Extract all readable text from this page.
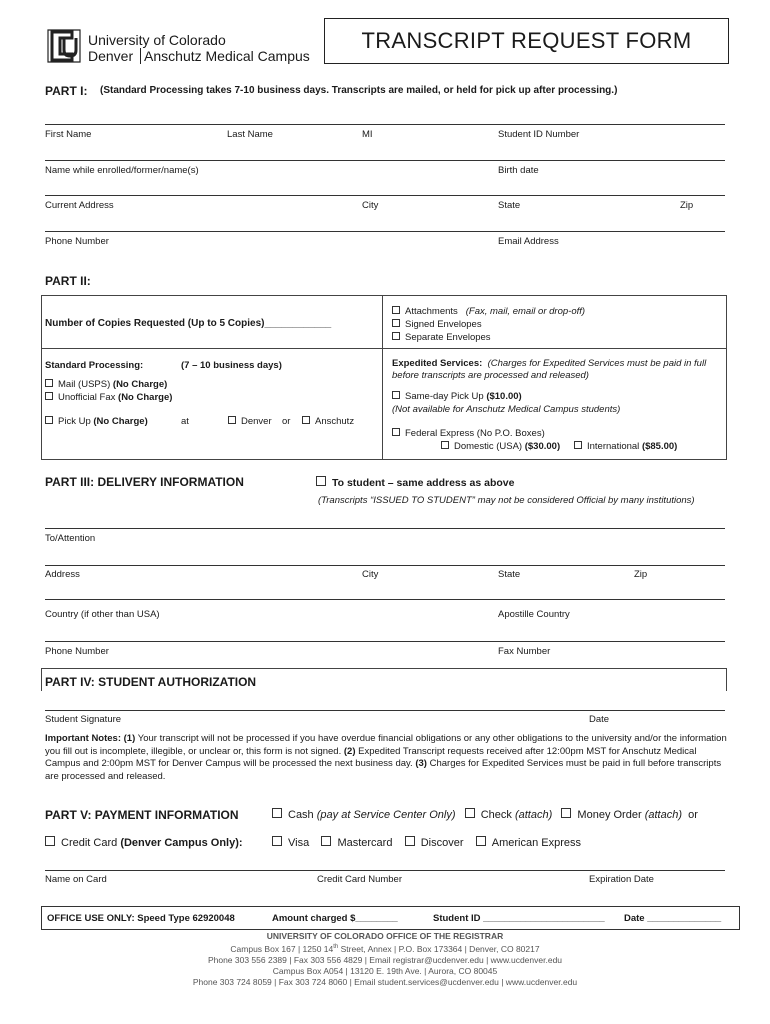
University of Colorado
Denver Anschutz Medical Campus
TRANSCRIPT REQUEST FORM
PART I: (Standard Processing takes 7-10 business days. Transcripts are mailed, or held for pick up after processing.)
First Name	Last Name	MI	Student ID Number
Name while enrolled/former/name(s)	Birth date
Current Address	City	State	Zip
Phone Number	Email Address
PART II:
Number of Copies Requested (Up to 5 Copies)____________
Attachments (Fax, mail, email or drop-off)
Signed Envelopes
Separate Envelopes
Standard Processing:	(7 – 10 business days)
Mail (USPS) (No Charge)
Unofficial Fax (No Charge)
Pick Up (No Charge)	at	Denver or	Anschutz
Expedited Services: (Charges for Expedited Services must be paid in full before transcripts are processed and released)
Same-day Pick Up ($10.00)
(Not available for Anschutz Medical Campus students)
Federal Express (No P.O. Boxes)
Domestic (USA) ($30.00)	International ($85.00)
PART III: DELIVERY INFORMATION	To student – same address as above
(Transcripts “ISSUED TO STUDENT” may not be considered Official by many institutions)
To/Attention
Address	City	State	Zip
Country (if other than USA)	Apostille Country
Phone Number	Fax Number
PART IV: STUDENT AUTHORIZATION
Student Signature	Date
Important Notes: (1) Your transcript will not be processed if you have overdue financial obligations or any other obligations to the university and/or the information you fill out is incomplete, illegible, or unclear or, this form is not signed. (2) Expedited Transcript requests received after 12:00pm MST for Anschutz Medical Campus and 2:00pm MST for Denver Campus will be processed the next business day. (3) Charges for Expedited Services must be paid in full before transcripts are processed and released.
PART V: PAYMENT INFORMATION	Cash (pay at Service Center Only) Check (attach) Money Order (attach) or
Credit Card (Denver Campus Only):	Visa	Mastercard	Discover	American Express
Name on Card	Credit Card Number	Expiration Date
OFFICE USE ONLY: Speed Type 62920048	Amount charged $________	Student ID _______________________ Date ______________
UNIVERSITY OF COLORADO OFFICE OF THE REGISTRAR
Campus Box 167 | 1250 14th Street, Annex | P.O. Box 173364 | Denver, CO 80217
Phone 303 556 2389 | Fax 303 556 4829 | Email registrar@ucdenver.edu | www.ucdenver.edu
Campus Box A054 | 13120 E. 19th Ave. | Aurora, CO 80045
Phone 303 724 8059 | Fax 303 724 8060 | Email student.services@ucdenver.edu | www.ucdenver.edu
